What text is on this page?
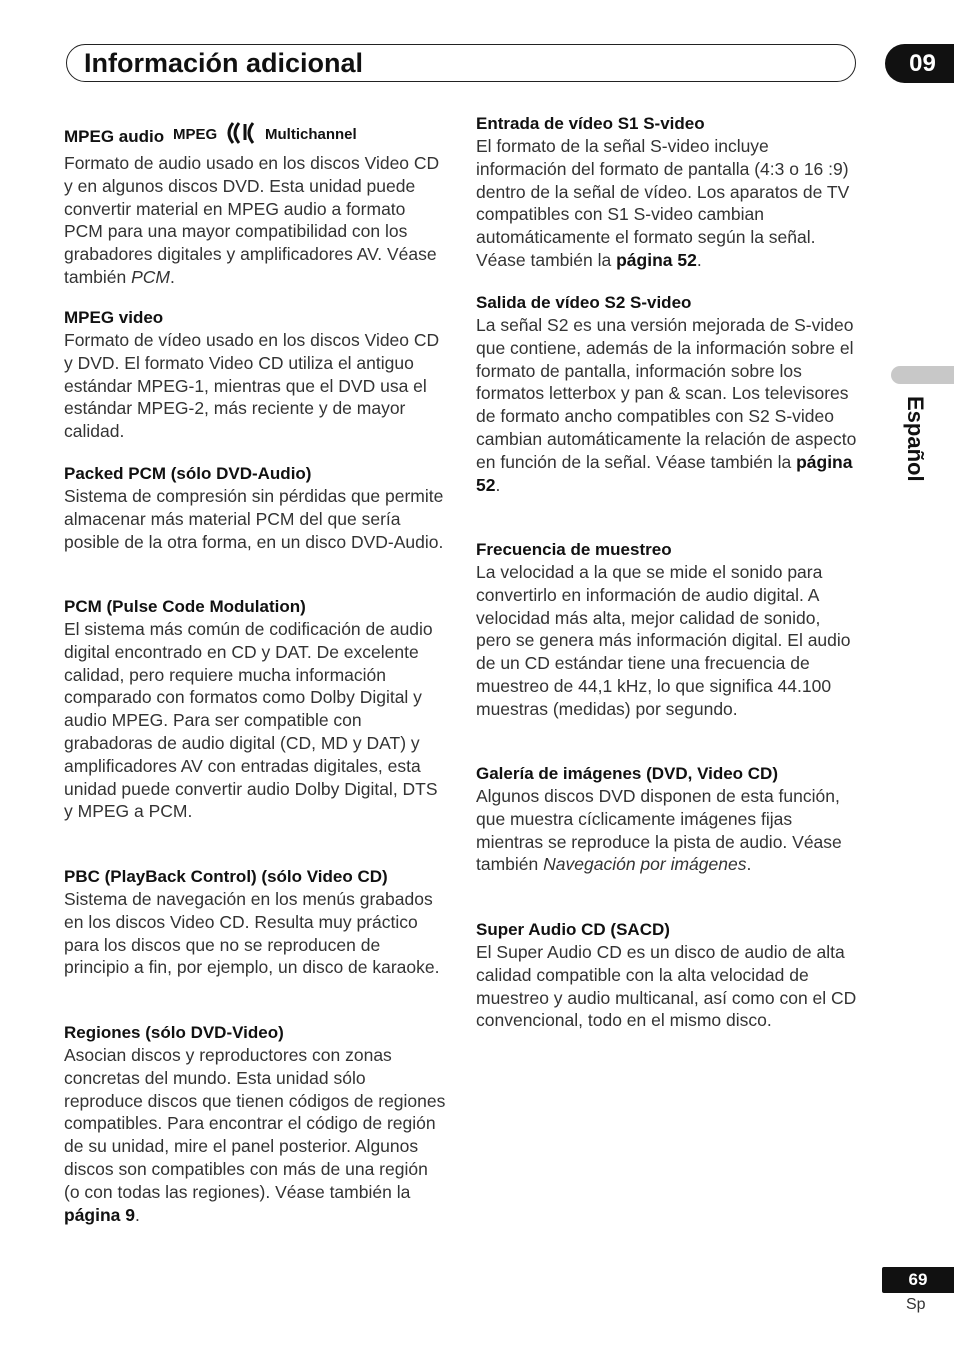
Información adicional	09
Español
MPEG audio MPEG	Multichannel

Formato de audio usado en los discos Video CD y en algunos discos DVD. Esta unidad puede convertir material en MPEG audio a formato PCM para una mayor compatibilidad con los grabadores digitales y amplificadores AV. Véase también PCM.

MPEG video

Formato de vídeo usado en los discos Video CD y DVD. El formato Video CD utiliza el antiguo estándar MPEG-1, mientras que el DVD usa el estándar MPEG-2, más reciente y de mayor calidad.

Packed PCM (sólo DVD-Audio)

Sistema de compresión sin pérdidas que permite almacenar más material PCM del que sería posible de la otra forma, en un disco DVD-Audio.

PCM (Pulse Code Modulation)

El sistema más común de codificación de audio digital encontrado en CD y DAT. De excelente calidad, pero requiere mucha información comparado con formatos como Dolby Digital y audio MPEG. Para ser compatible con grabadoras de audio digital (CD, MD y DAT) y amplificadores AV con entradas digitales, esta unidad puede convertir audio Dolby Digital, DTS y MPEG a PCM.

PBC (PlayBack Control) (sólo Video CD)

Sistema de navegación en los menús grabados en los discos Video CD. Resulta muy práctico para los discos que no se reproducen de principio a fin, por ejemplo, un disco de karaoke.

Regiones (sólo DVD-Video)

Asocian discos y reproductores con zonas concretas del mundo. Esta unidad sólo reproduce discos que tienen códigos de regiones compatibles. Para encontrar el código de región de su unidad, mire el panel posterior. Algunos discos son compatibles con más de una región (o con todas las regiones). Véase también la página 9.

Entrada de vídeo S1 S-video

El formato de la señal S-video incluye información del formato de pantalla (4:3 o 16 :9) dentro de la señal de vídeo. Los aparatos de TV compatibles con S1 S-video cambian automáticamente el formato según la señal. Véase también la página 52.

Salida de vídeo S2 S-video

La señal S2 es una versión mejorada de S-video que contiene, además de la información sobre el formato de pantalla, información sobre los formatos letterbox y pan & scan. Los televisores de formato ancho compatibles con S2 S-video cambian automáticamente la relación de aspecto en función de la señal. Véase también la página 52.

Frecuencia de muestreo

La velocidad a la que se mide el sonido para convertirlo en información de audio digital. A velocidad más alta, mejor calidad de sonido, pero se genera más información digital. El audio de un CD estándar tiene una frecuencia de muestreo de 44,1 kHz, lo que significa 44.100 muestras (medidas) por segundo.

Galería de imágenes (DVD, Video CD)

Algunos discos DVD disponen de esta función, que muestra cíclicamente imágenes fijas mientras se reproduce la pista de audio. Véase también Navegación por imágenes.

Super Audio CD (SACD)

El Super Audio CD es un disco de audio de alta calidad compatible con la alta velocidad de muestreo y audio multicanal, así como con el CD convencional, todo en el mismo disco.

69
Sp
